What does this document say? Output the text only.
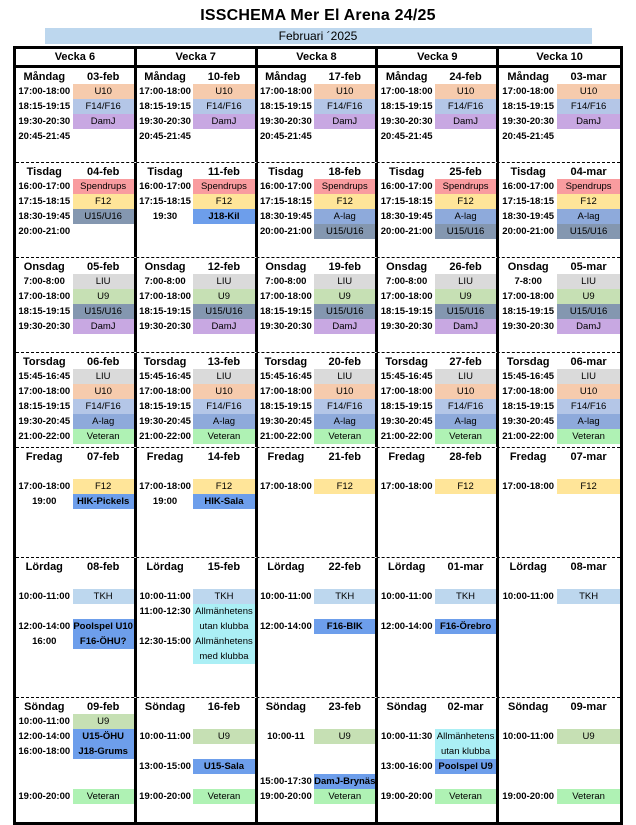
ISSCHEMA Mer El Arena 24/25
Februari ´2025
Vecka 6	Vecka 7	Vecka 8	Vecka 9	Vecka 10
Måndag	03-feb
17:00-18:00	U10
18:15-19:15	F14/F16
19:30-20:30	DamJ
20:45-21:45
Måndag	10-feb
17:00-18:00	U10
18:15-19:15	F14/F16
19:30-20:30	DamJ
20:45-21:45
Måndag	17-feb
17:00-18:00	U10
18:15-19:15	F14/F16
19:30-20:30	DamJ
20:45-21:45
Måndag	24-feb
17:00-18:00	U10
18:15-19:15	F14/F16
19:30-20:30	DamJ
20:45-21:45
Måndag	03-mar
17:00-18:00	U10
18:15-19:15	F14/F16
19:30-20:30	DamJ
20:45-21:45
Tisdag	04-feb
16:00-17:00	Spendrups
17:15-18:15	F12
18:30-19:45	U15/U16
20:00-21:00
Tisdag	11-feb
16:00-17:00	Spendrups
17:15-18:15	F12
19:30	J18-Kil
Tisdag	18-feb
16:00-17:00	Spendrups
17:15-18:15	F12
18:30-19:45	A-lag
20:00-21:00	U15/U16
Tisdag	25-feb
16:00-17:00	Spendrups
17:15-18:15	F12
18:30-19:45	A-lag
20:00-21:00	U15/U16
Tisdag	04-mar
16:00-17:00	Spendrups
17:15-18:15	F12
18:30-19:45	A-lag
20:00-21:00	U15/U16
Onsdag	05-feb
7:00-8:00	LIU
17:00-18:00	U9
18:15-19:15	U15/U16
19:30-20:30	DamJ
Onsdag	12-feb
7:00-8:00	LIU
17:00-18:00	U9
18:15-19:15	U15/U16
19:30-20:30	DamJ
Onsdag	19-feb
7:00-8:00	LIU
17:00-18:00	U9
18:15-19:15	U15/U16
19:30-20:30	DamJ
Onsdag	26-feb
7:00-8:00	LIU
17:00-18:00	U9
18:15-19:15	U15/U16
19:30-20:30	DamJ
Onsdag	05-mar
7-8:00	LIU
17:00-18:00	U9
18:15-19:15	U15/U16
19:30-20:30	DamJ
Torsdag	06-feb
15:45-16:45	LIU
17:00-18:00	U10
18:15-19:15	F14/F16
19:30-20:45	A-lag
21:00-22:00	Veteran
Torsdag	13-feb
15:45-16:45	LIU
17:00-18:00	U10
18:15-19:15	F14/F16
19:30-20:45	A-lag
21:00-22:00	Veteran
Torsdag	20-feb
15:45-16:45	LIU
17:00-18:00	U10
18:15-19:15	F14/F16
19:30-20:45	A-lag
21:00-22:00	Veteran
Torsdag	27-feb
15:45-16:45	LIU
17:00-18:00	U10
18:15-19:15	F14/F16
19:30-20:45	A-lag
21:00-22:00	Veteran
Torsdag	06-mar
15:45-16:45	LIU
17:00-18:00	U10
18:15-19:15	F14/F16
19:30-20:45	A-lag
21:00-22:00	Veteran
Fredag	07-feb
17:00-18:00	F12
19:00	HIK-Pickels
Fredag	14-feb
17:00-18:00	F12
19:00	HIK-Sala
Fredag	21-feb
17:00-18:00	F12
Fredag	28-feb
17:00-18:00	F12
Fredag	07-mar
17:00-18:00	F12
Lördag	08-feb
10:00-11:00	TKH
12:00-14:00 Poolspel U10
16:00	F16-ÖHU?
Lördag	15-feb
10:00-11:00	TKH
11:00-12:30 Allmänhetens
utan klubba
12:30-15:00 Allmänhetens
med klubba
Lördag	22-feb
10:00-11:00	TKH
12:00-14:00	F16-BIK
Lördag	01-mar
10:00-11:00	TKH
12:00-14:00 F16-Örebro
Lördag	08-mar
10:00-11:00	TKH
Söndag	09-feb
10:00-11:00	U9
12:00-14:00	U15-ÖHU
16:00-18:00 J18-Grums
19:00-20:00	Veteran
Söndag	16-feb
10:00-11:00	U9
13:00-15:00	U15-Sala
19:00-20:00	Veteran
Söndag	23-feb
10:00-11	U9
15:00-17:30 DamJ-Brynäs
19:00-20:00	Veteran
Söndag	02-mar
10:00-11:30 Allmänhetens
utan klubba
13:00-16:00 Poolspel U9
19:00-20:00	Veteran
Söndag	09-mar
10:00-11:00	U9
19:00-20:00	Veteran
